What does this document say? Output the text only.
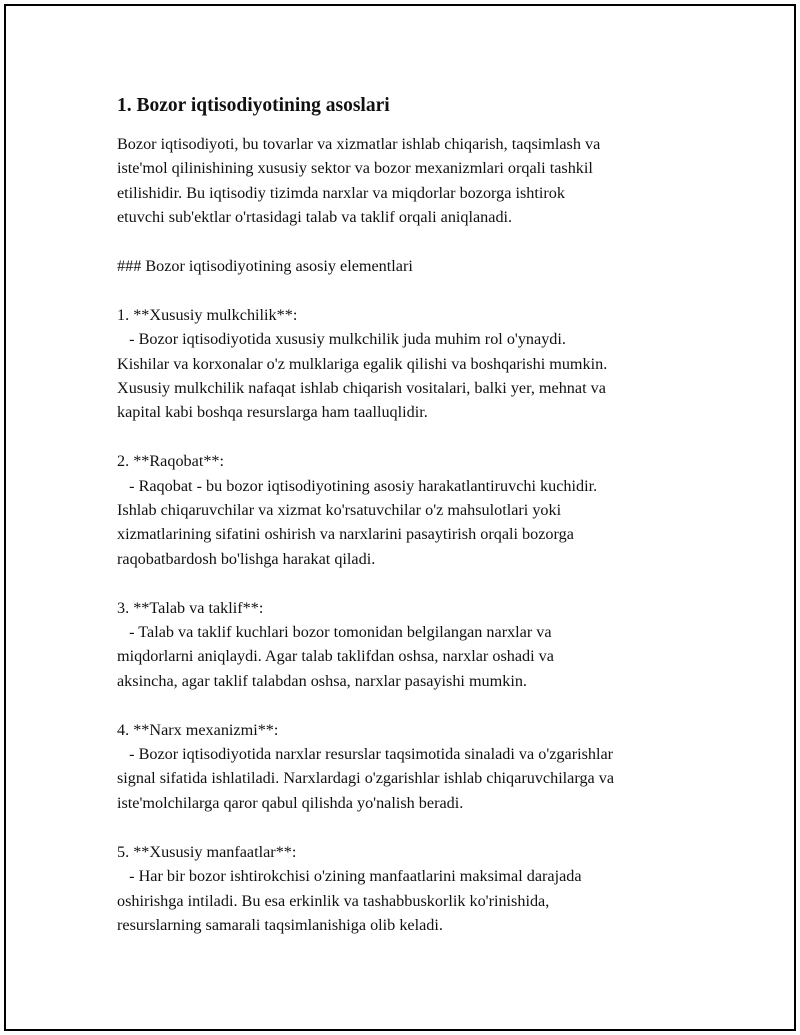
1. Bozor iqtisodiyotining asoslari

Bozor iqtisodiyoti, bu tovarlar va xizmatlar ishlab chiqarish, taqsimlash va
iste'mol qilinishining xususiy sektor va bozor mexanizmlari orqali tashkil
etilishidir. Bu iqtisodiy tizimda narxlar va miqdorlar bozorga ishtirok
etuvchi sub'ektlar o'rtasidagi talab va taklif orqali aniqlanadi.

### Bozor iqtisodiyotining asosiy elementlari

1. **Xususiy mulkchilik**:

- Bozor iqtisodiyotida xususiy mulkchilik juda muhim rol o'ynaydi.
Kishilar va korxonalar o'z mulklariga egalik qilishi va boshqarishi mumkin.
Xususiy mulkchilik nafaqat ishlab chiqarish vositalari, balki yer, mehnat va
kapital kabi boshqa resurslarga ham taalluqlidir.

2. **Raqobat**:

- Raqobat - bu bozor iqtisodiyotining asosiy harakatlantiruvchi kuchidir.
Ishlab chiqaruvchilar va xizmat ko'rsatuvchilar o'z mahsulotlari yoki
xizmatlarining sifatini oshirish va narxlarini pasaytirish orqali bozorga
raqobatbardosh bo'lishga harakat qiladi.

3. **Talab va taklif**:

- Talab va taklif kuchlari bozor tomonidan belgilangan narxlar va
miqdorlarni aniqlaydi. Agar talab taklifdan oshsa, narxlar oshadi va
aksincha, agar taklif talabdan oshsa, narxlar pasayishi mumkin.

4. **Narx mexanizmi**:

- Bozor iqtisodiyotida narxlar resurslar taqsimotida sinaladi va o'zgarishlar
signal sifatida ishlatiladi. Narxlardagi o'zgarishlar ishlab chiqaruvchilarga va
iste'molchilarga qaror qabul qilishda yo'nalish beradi.

5. **Xususiy manfaatlar**:

- Har bir bozor ishtirokchisi o'zining manfaatlarini maksimal darajada
oshirishga intiladi. Bu esa erkinlik va tashabbuskorlik ko'rinishida,
resurslarning samarali taqsimlanishiga olib keladi.
